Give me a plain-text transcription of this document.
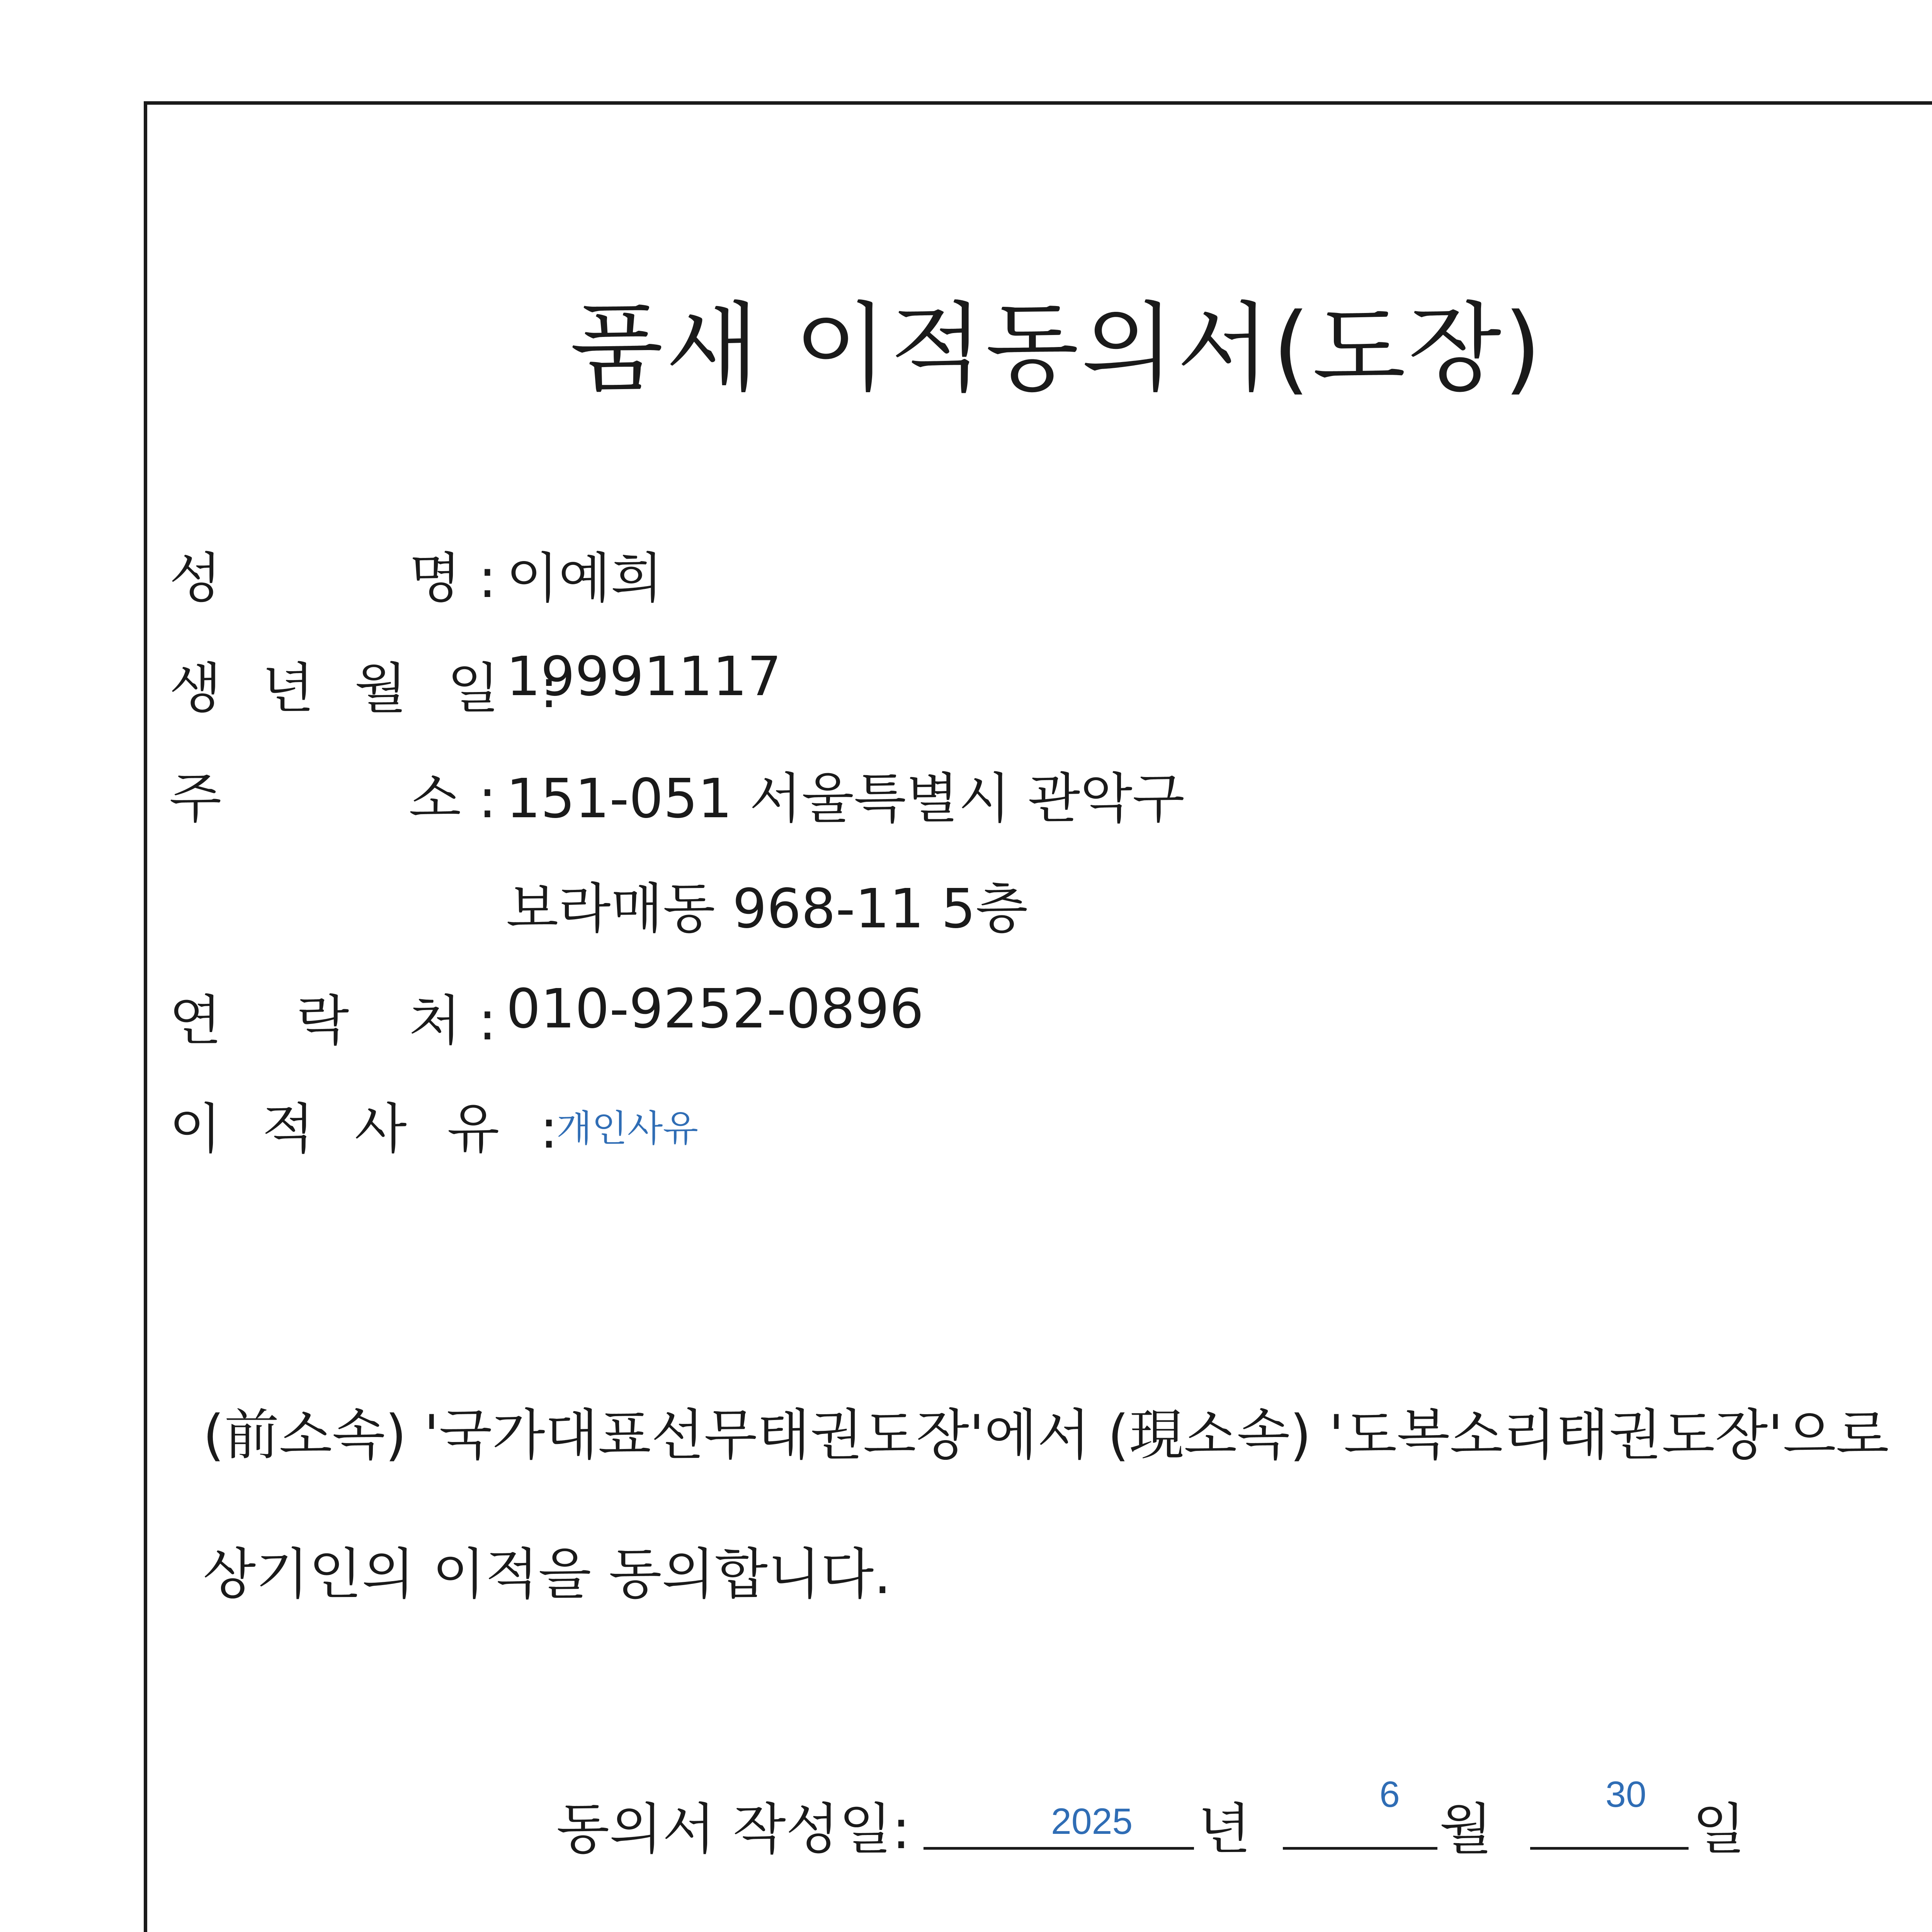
품새 이적동의서(도장)
성	명 : 이예희
생 년 월 일 :
19991117
주	소 : 151-051 서울특별시 관악구
보라매동 968-11 5층
연 락 처 : 010-9252-0896
이 적 사 유 :
개인사유
(前소속) '국가대표선무태권도장'에서 (現소속) '도복소리태권도장'으로
상기인의 이적을 동의합니다.
동의서 작성일:	2025 년
6
월
30
일
